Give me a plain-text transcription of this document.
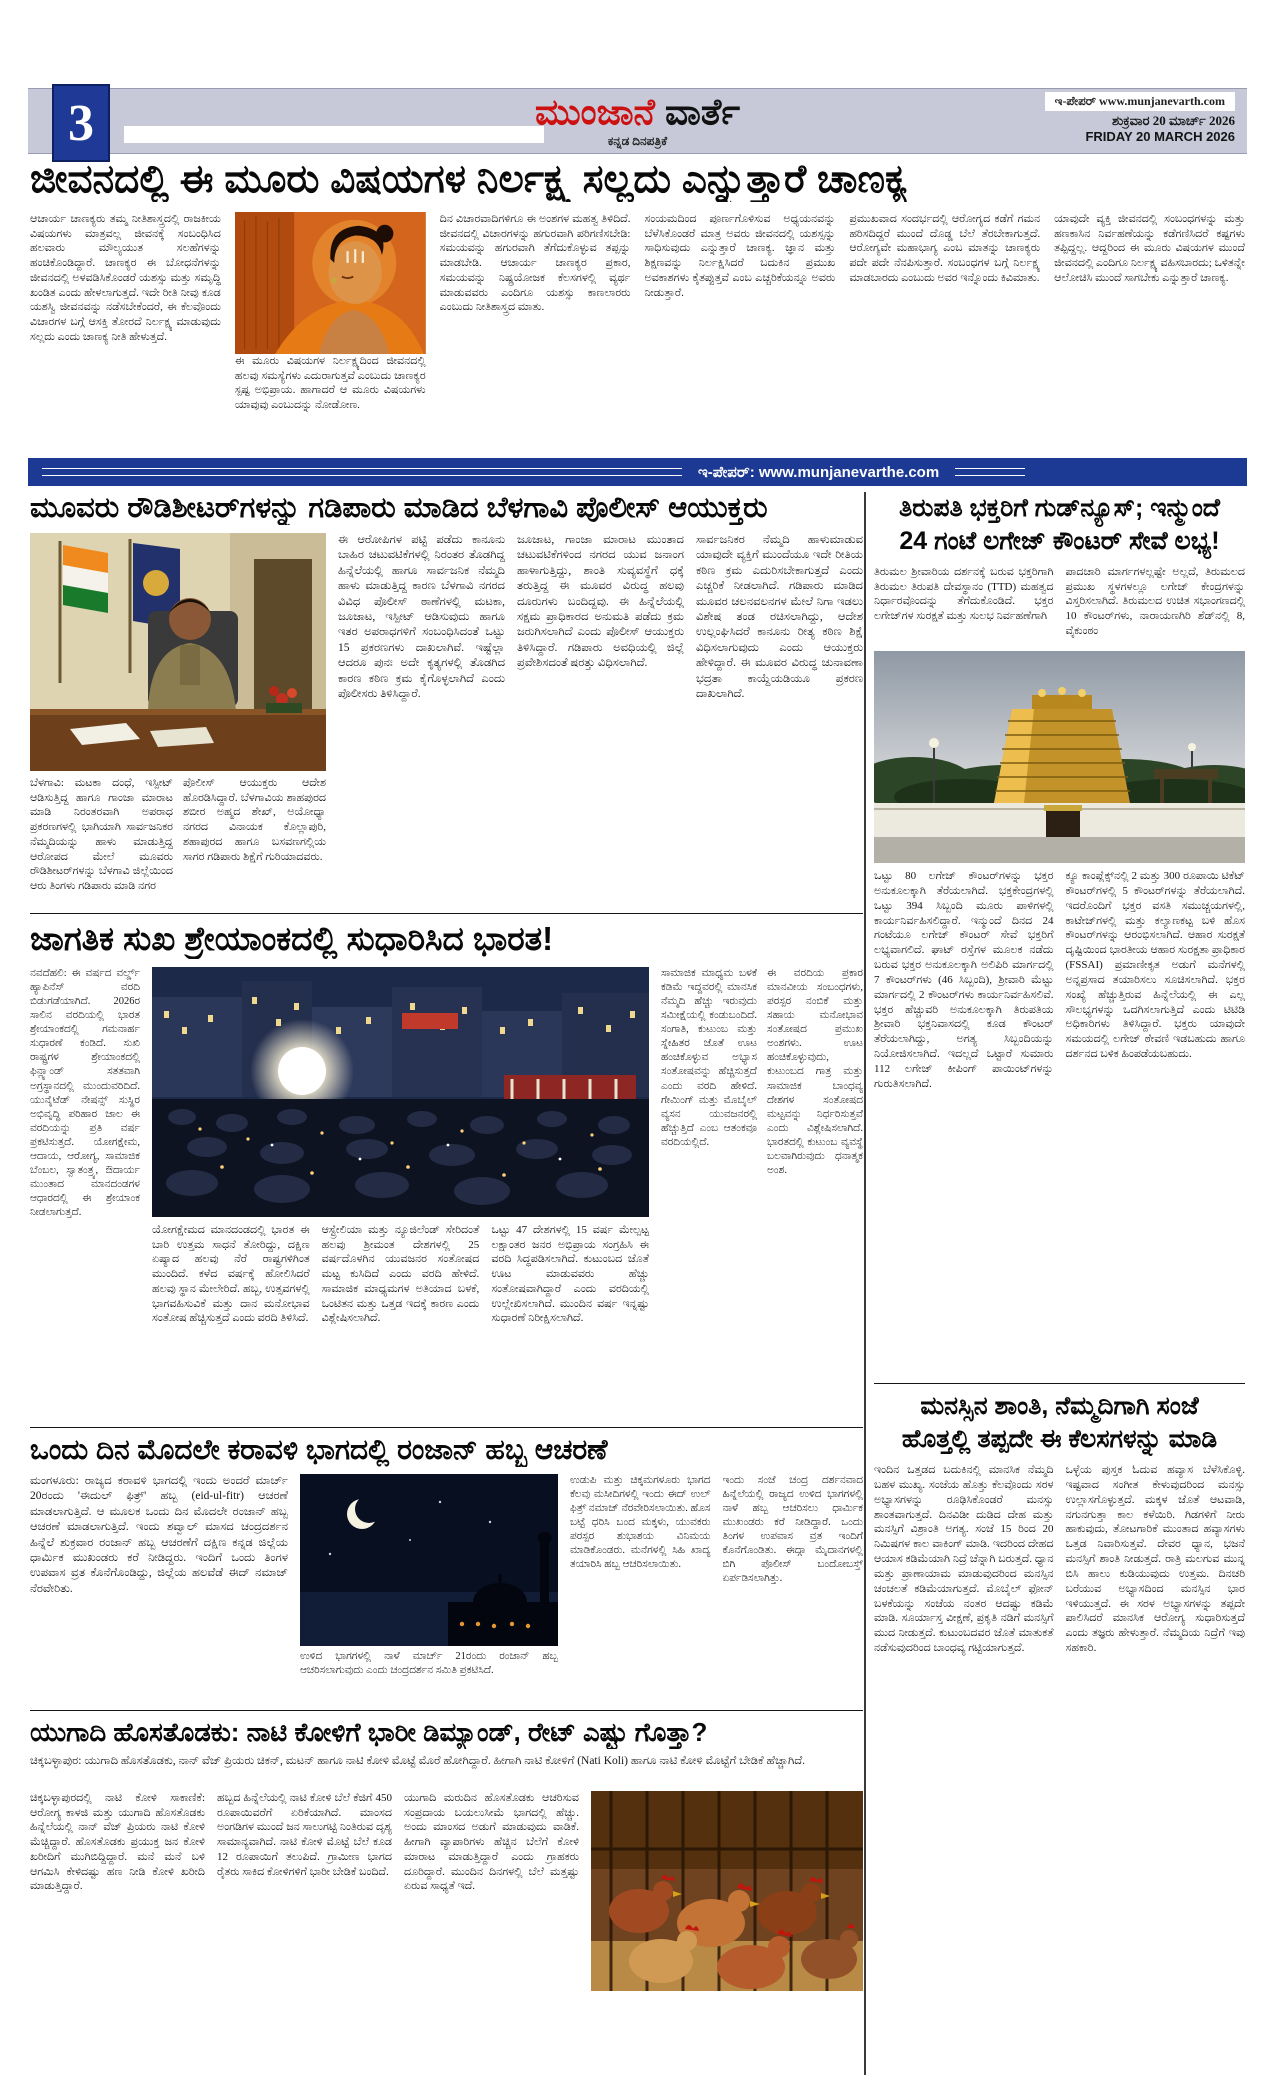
3	ಮುಂಜಾನೆ ವಾರ್ತೆ
ಕನ್ನಡ ದಿನಪತ್ರಿಕೆ
ಇ-ಪೇಪರ್ www.munjanevarth.com
ಶುಕ್ರವಾರ 20 ಮಾರ್ಚ್ 2026
FRIDAY 20 MARCH 2026
ಜೀವನದಲ್ಲಿ ಈ ಮೂರು ವಿಷಯಗಳ ನಿರ್ಲಕ್ಷ್ಯ ಸಲ್ಲದು ಎನ್ನುತ್ತಾರೆ ಚಾಣಕ್ಯ
ಆಚಾರ್ಯ ಚಾಣಕ್ಯರು ತಮ್ಮ ನೀತಿಶಾಸ್ತ್ರದಲ್ಲಿ ರಾಜಕೀಯ ವಿಷಯಗಳು ಮಾತ್ರವಲ್ಲ ಜೀವನಕ್ಕೆ ಸಂಬಂಧಿಸಿದ ಹಲವಾರು ಮೌಲ್ಯಯುತ ಸಲಹೆಗಳನ್ನು ಹಂಚಿಕೊಂಡಿದ್ದಾರೆ. ಚಾಣಕ್ಯರ ಈ ಬೋಧನೆಗಳನ್ನು ಜೀವನದಲ್ಲಿ ಅಳವಡಿಸಿಕೊಂಡರೆ ಯಶಸ್ಸು ಮತ್ತು ಸಮೃದ್ಧಿ ಖಂಡಿತ ಎಂದು ಹೇಳಲಾಗುತ್ತದೆ. ಇದೇ ರೀತಿ ನೀವು ಕೂಡ ಯಶಸ್ವಿ ಜೀವನವನ್ನು ನಡೆಸಬೇಕೆಂದರೆ, ಈ ಕೆಲವೊಂದು ವಿಚಾರಗಳ ಬಗ್ಗೆ ಆಸಕ್ತಿ ತೋರದೆ ನಿರ್ಲಕ್ಷ್ಯ ಮಾಡುವುದು ಸಲ್ಲದು ಎಂದು ಚಾಣಕ್ಯ ನೀತಿ ಹೇಳುತ್ತದೆ.
ಈ ಮೂರು ವಿಷಯಗಳ ನಿರ್ಲಕ್ಷ್ಯದಿಂದ ಜೀವನದಲ್ಲಿ ಹಲವು ಸಮಸ್ಯೆಗಳು ಎದುರಾಗುತ್ತವೆ ಎಂಬುದು ಚಾಣಕ್ಯರ ಸ್ಪಷ್ಟ ಅಭಿಪ್ರಾಯ. ಹಾಗಾದರೆ ಆ ಮೂರು ವಿಷಯಗಳು ಯಾವುವು ಎಂಬುದನ್ನು ನೋಡೋಣ.
ದಿನ ವಿಚಾರವಾದಿಗಳಿಗೂ ಈ ಅಂಶಗಳ ಮಹತ್ವ ತಿಳಿದಿದೆ. ಜೀವನದಲ್ಲಿ ವಿಚಾರಗಳನ್ನು ಹಗುರವಾಗಿ ಪರಿಗಣಿಸಬೇಡಿ: ಸಮಯವನ್ನು ಹಗುರವಾಗಿ ತೆಗೆದುಕೊಳ್ಳುವ ತಪ್ಪನ್ನು ಮಾಡಬೇಡಿ. ಆಚಾರ್ಯ ಚಾಣಕ್ಯರ ಪ್ರಕಾರ, ಸಮಯವನ್ನು ನಿಷ್ಪ್ರಯೋಜಕ ಕೆಲಸಗಳಲ್ಲಿ ವ್ಯರ್ಥ ಮಾಡುವವರು ಎಂದಿಗೂ ಯಶಸ್ಸು ಕಾಣಲಾರರು ಎಂಬುದು ನೀತಿಶಾಸ್ತ್ರದ ಮಾತು.
ಸಂಯಮದಿಂದ ಪೂರ್ಣಗೊಳಿಸುವ ಅಧ್ಯಯನವನ್ನು ಬೆಳೆಸಿಕೊಂಡರೆ ಮಾತ್ರ ಅವರು ಜೀವನದಲ್ಲಿ ಯಶಸ್ಸನ್ನು ಸಾಧಿಸುವುದು ಎನ್ನುತ್ತಾರೆ ಚಾಣಕ್ಯ. ಜ್ಞಾನ ಮತ್ತು ಶಿಕ್ಷಣವನ್ನು ನಿರ್ಲಕ್ಷಿಸಿದರೆ ಬದುಕಿನ ಪ್ರಮುಖ ಅವಕಾಶಗಳು ಕೈತಪ್ಪುತ್ತವೆ ಎಂಬ ಎಚ್ಚರಿಕೆಯನ್ನೂ ಅವರು ನೀಡುತ್ತಾರೆ.
ಪ್ರಮುಖವಾದ ಸಂದರ್ಭದಲ್ಲಿ ಆರೋಗ್ಯದ ಕಡೆಗೆ ಗಮನ ಹರಿಸದಿದ್ದರೆ ಮುಂದೆ ದೊಡ್ಡ ಬೆಲೆ ತೆರಬೇಕಾಗುತ್ತದೆ. ಆರೋಗ್ಯವೇ ಮಹಾಭಾಗ್ಯ ಎಂಬ ಮಾತನ್ನು ಚಾಣಕ್ಯರು ಪದೇ ಪದೇ ನೆನಪಿಸುತ್ತಾರೆ. ಸಂಬಂಧಗಳ ಬಗ್ಗೆ ನಿರ್ಲಕ್ಷ್ಯ ಮಾಡಬಾರದು ಎಂಬುದು ಅವರ ಇನ್ನೊಂದು ಕಿವಿಮಾತು.
ಯಾವುದೇ ವ್ಯಕ್ತಿ ಜೀವನದಲ್ಲಿ ಸಂಬಂಧಗಳನ್ನು ಮತ್ತು ಹಣಕಾಸಿನ ನಿರ್ವಹಣೆಯನ್ನು ಕಡೆಗಣಿಸಿದರೆ ಕಷ್ಟಗಳು ತಪ್ಪಿದ್ದಲ್ಲ. ಆದ್ದರಿಂದ ಈ ಮೂರು ವಿಷಯಗಳ ಮುಂದೆ ಜೀವನದಲ್ಲಿ ಎಂದಿಗೂ ನಿರ್ಲಕ್ಷ್ಯ ವಹಿಸಬಾರದು; ಒಳಿತನ್ನೇ ಆಲೋಚಿಸಿ ಮುಂದೆ ಸಾಗಬೇಕು ಎನ್ನುತ್ತಾರೆ ಚಾಣಕ್ಯ.
ಇ-ಪೇಪರ್: www.munjanevarthe.com
ಮೂವರು ರೌಡಿಶೀಟರ್‌ಗಳನ್ನು ಗಡಿಪಾರು ಮಾಡಿದ ಬೆಳಗಾವಿ ಪೊಲೀಸ್ ಆಯುಕ್ತರು
ಬೆಳಗಾವಿ: ಮಟಕಾ ದಂಧೆ, ಇಸ್ಪೀಟ್ ಆಡಿಸುತ್ತಿದ್ದ ಹಾಗೂ ಗಾಂಜಾ ಮಾರಾಟ ಮಾಡಿ ನಿರಂತರವಾಗಿ ಅಪರಾಧ ಪ್ರಕರಣಗಳಲ್ಲಿ ಭಾಗಿಯಾಗಿ ಸಾರ್ವಜನಿಕರ ನೆಮ್ಮದಿಯನ್ನು ಹಾಳು ಮಾಡುತ್ತಿದ್ದ ಆರೋಪದ ಮೇಲೆ ಮೂವರು ರೌಡಿಶೀಟರ್‌ಗಳನ್ನು ಬೆಳಗಾವಿ ಜಿಲ್ಲೆಯಿಂದ ಆರು ತಿಂಗಳು ಗಡಿಪಾರು ಮಾಡಿ ನಗರ
ಪೊಲೀಸ್ ಆಯುಕ್ತರು ಆದೇಶ ಹೊರಡಿಸಿದ್ದಾರೆ. ಬೆಳಗಾವಿಯ ಶಾಹಪುರದ ಶಬೀರ ಅಹ್ಮದ ಶೇಖ್, ಅಯೋಧ್ಯಾ ನಗರದ ವಿನಾಯಕ ಕೊಲ್ಲಾಪುರಿ, ಶಹಾಪುರದ ಹಾಗೂ ಬಸವಣಗಲ್ಲಿಯ ಸಾಗರ ಗಡಿಪಾರು ಶಿಕ್ಷೆಗೆ ಗುರಿಯಾದವರು.
ಈ ಆರೋಪಿಗಳ ಪಟ್ಟಿ ಪಡೆದು ಕಾನೂನು ಬಾಹಿರ ಚಟುವಟಿಕೆಗಳಲ್ಲಿ ನಿರಂತರ ತೊಡಗಿದ್ದ ಹಿನ್ನೆಲೆಯಲ್ಲಿ ಹಾಗೂ ಸಾರ್ವಜನಿಕ ನೆಮ್ಮದಿ ಹಾಳು ಮಾಡುತ್ತಿದ್ದ ಕಾರಣ ಬೆಳಗಾವಿ ನಗರದ ವಿವಿಧ ಪೊಲೀಸ್ ಠಾಣೆಗಳಲ್ಲಿ ಮಟಕಾ, ಜೂಜಾಟ, ಇಸ್ಪೀಟ್ ಆಡಿಸುವುದು ಹಾಗೂ ಇತರ ಅಪರಾಧಗಳಿಗೆ ಸಂಬಂಧಿಸಿದಂತೆ ಒಟ್ಟು 15 ಪ್ರಕರಣಗಳು ದಾಖಲಾಗಿವೆ. ಇಷ್ಟೆಲ್ಲಾ ಆದರೂ ಪುನಃ ಅದೇ ಕೃತ್ಯಗಳಲ್ಲಿ ತೊಡಗಿದ ಕಾರಣ ಕಠಿಣ ಕ್ರಮ ಕೈಗೊಳ್ಳಲಾಗಿದೆ ಎಂದು ಪೊಲೀಸರು ತಿಳಿಸಿದ್ದಾರೆ.
ಜೂಜಾಟ, ಗಾಂಜಾ ಮಾರಾಟ ಮುಂತಾದ ಚಟುವಟಿಕೆಗಳಿಂದ ನಗರದ ಯುವ ಜನಾಂಗ ಹಾಳಾಗುತ್ತಿದ್ದು, ಶಾಂತಿ ಸುವ್ಯವಸ್ಥೆಗೆ ಧಕ್ಕೆ ತರುತ್ತಿದ್ದ ಈ ಮೂವರ ವಿರುದ್ಧ ಹಲವು ದೂರುಗಳು ಬಂದಿದ್ದವು. ಈ ಹಿನ್ನೆಲೆಯಲ್ಲಿ ಸಕ್ಷಮ ಪ್ರಾಧಿಕಾರದ ಅನುಮತಿ ಪಡೆದು ಕ್ರಮ ಜರುಗಿಸಲಾಗಿದೆ ಎಂದು ಪೊಲೀಸ್ ಆಯುಕ್ತರು ತಿಳಿಸಿದ್ದಾರೆ. ಗಡಿಪಾರು ಅವಧಿಯಲ್ಲಿ ಜಿಲ್ಲೆ ಪ್ರವೇಶಿಸದಂತೆ ಷರತ್ತು ವಿಧಿಸಲಾಗಿದೆ.
ಸಾರ್ವಜನಿಕರ ನೆಮ್ಮದಿ ಹಾಳುಮಾಡುವ ಯಾವುದೇ ವ್ಯಕ್ತಿಗೆ ಮುಂದೆಯೂ ಇದೇ ರೀತಿಯ ಕಠಿಣ ಕ್ರಮ ಎದುರಿಸಬೇಕಾಗುತ್ತದೆ ಎಂದು ಎಚ್ಚರಿಕೆ ನೀಡಲಾಗಿದೆ. ಗಡಿಪಾರು ಮಾಡಿದ ಮೂವರ ಚಲನವಲನಗಳ ಮೇಲೆ ನಿಗಾ ಇಡಲು ವಿಶೇಷ ತಂಡ ರಚಿಸಲಾಗಿದ್ದು, ಆದೇಶ ಉಲ್ಲಂಘಿಸಿದರೆ ಕಾನೂನು ರೀತ್ಯ ಕಠಿಣ ಶಿಕ್ಷೆ ವಿಧಿಸಲಾಗುವುದು ಎಂದು ಆಯುಕ್ತರು ಹೇಳಿದ್ದಾರೆ. ಈ ಮೂವರ ವಿರುದ್ಧ ಚುನಾವಣಾ ಭದ್ರತಾ ಕಾಯ್ದೆಯಡಿಯೂ ಪ್ರಕರಣ ದಾಖಲಾಗಿದೆ.
ಜಾಗತಿಕ ಸುಖ ಶ್ರೇಯಾಂಕದಲ್ಲಿ ಸುಧಾರಿಸಿದ ಭಾರತ!
ನವದೆಹಲಿ: ಈ ವರ್ಷದ ವರ್ಲ್ಡ್ ಹ್ಯಾಪಿನೆಸ್ ವರದಿ ಬಿಡುಗಡೆಯಾಗಿದೆ. 2026ರ ಸಾಲಿನ ವರದಿಯಲ್ಲಿ ಭಾರತ ಶ್ರೇಯಾಂಕದಲ್ಲಿ ಗಮನಾರ್ಹ ಸುಧಾರಣೆ ಕಂಡಿದೆ. ಸುಖಿ ರಾಷ್ಟ್ರಗಳ ಶ್ರೇಯಾಂಕದಲ್ಲಿ ಫಿನ್ಲ್ಯಾಂಡ್ ಸತತವಾಗಿ ಅಗ್ರಸ್ಥಾನದಲ್ಲಿ ಮುಂದುವರಿದಿದೆ. ಯುನೈಟೆಡ್ ನೇಷನ್ಸ್ ಸುಸ್ಥಿರ ಅಭಿವೃದ್ಧಿ ಪರಿಹಾರ ಜಾಲ ಈ ವರದಿಯನ್ನು ಪ್ರತಿ ವರ್ಷ ಪ್ರಕಟಿಸುತ್ತದೆ. ಯೋಗಕ್ಷೇಮ, ಆದಾಯ, ಆರೋಗ್ಯ, ಸಾಮಾಜಿಕ ಬೆಂಬಲ, ಸ್ವಾತಂತ್ರ್ಯ, ಔದಾರ್ಯ ಮುಂತಾದ ಮಾನದಂಡಗಳ ಆಧಾರದಲ್ಲಿ ಈ ಶ್ರೇಯಾಂಕ ನೀಡಲಾಗುತ್ತದೆ.
ಯೋಗಕ್ಷೇಮದ ಮಾನದಂಡದಲ್ಲಿ ಭಾರತ ಈ ಬಾರಿ ಉತ್ತಮ ಸಾಧನೆ ತೋರಿದ್ದು, ದಕ್ಷಿಣ ಏಷ್ಯಾದ ಹಲವು ನೆರೆ ರಾಷ್ಟ್ರಗಳಿಗಿಂತ ಮುಂದಿದೆ. ಕಳೆದ ವರ್ಷಕ್ಕೆ ಹೋಲಿಸಿದರೆ ಹಲವು ಸ್ಥಾನ ಮೇಲೇರಿದೆ. ಹಬ್ಬ, ಉತ್ಸವಗಳಲ್ಲಿ ಭಾಗವಹಿಸುವಿಕೆ ಮತ್ತು ದಾನ ಮನೋಭಾವ ಸಂತೋಷ ಹೆಚ್ಚಿಸುತ್ತದೆ ಎಂದು ವರದಿ ತಿಳಿಸಿದೆ.
ಆಸ್ಟ್ರೇಲಿಯಾ ಮತ್ತು ನ್ಯೂಜಿಲೆಂಡ್ ಸೇರಿದಂತೆ ಹಲವು ಶ್ರೀಮಂತ ದೇಶಗಳಲ್ಲಿ 25 ವರ್ಷದೊಳಗಿನ ಯುವಜನರ ಸಂತೋಷದ ಮಟ್ಟ ಕುಸಿದಿದೆ ಎಂದು ವರದಿ ಹೇಳಿದೆ. ಸಾಮಾಜಿಕ ಮಾಧ್ಯಮಗಳ ಅತಿಯಾದ ಬಳಕೆ, ಒಂಟಿತನ ಮತ್ತು ಒತ್ತಡ ಇದಕ್ಕೆ ಕಾರಣ ಎಂದು ವಿಶ್ಲೇಷಿಸಲಾಗಿದೆ.
ಒಟ್ಟು 47 ದೇಶಗಳಲ್ಲಿ 15 ವರ್ಷ ಮೇಲ್ಪಟ್ಟ ಲಕ್ಷಾಂತರ ಜನರ ಅಭಿಪ್ರಾಯ ಸಂಗ್ರಹಿಸಿ ಈ ವರದಿ ಸಿದ್ಧಪಡಿಸಲಾಗಿದೆ. ಕುಟುಂಬದ ಜೊತೆ ಊಟ ಮಾಡುವವರು ಹೆಚ್ಚು ಸಂತೋಷವಾಗಿದ್ದಾರೆ ಎಂದು ವರದಿಯಲ್ಲಿ ಉಲ್ಲೇಖಿಸಲಾಗಿದೆ. ಮುಂದಿನ ವರ್ಷ ಇನ್ನಷ್ಟು ಸುಧಾರಣೆ ನಿರೀಕ್ಷಿಸಲಾಗಿದೆ.
ಸಾಮಾಜಿಕ ಮಾಧ್ಯಮ ಬಳಕೆ ಕಡಿಮೆ ಇದ್ದವರಲ್ಲಿ ಮಾನಸಿಕ ನೆಮ್ಮದಿ ಹೆಚ್ಚು ಇರುವುದು ಸಮೀಕ್ಷೆಯಲ್ಲಿ ಕಂಡುಬಂದಿದೆ. ಸಂಗಾತಿ, ಕುಟುಂಬ ಮತ್ತು ಸ್ನೇಹಿತರ ಜೊತೆ ಊಟ ಹಂಚಿಕೊಳ್ಳುವ ಅಭ್ಯಾಸ ಸಂತೋಷವನ್ನು ಹೆಚ್ಚಿಸುತ್ತದೆ ಎಂದು ವರದಿ ಹೇಳಿದೆ. ಗೇಮಿಂಗ್ ಮತ್ತು ಮೊಬೈಲ್ ವ್ಯಸನ ಯುವಜನರಲ್ಲಿ ಹೆಚ್ಚುತ್ತಿದೆ ಎಂಬ ಆತಂಕವೂ ವರದಿಯಲ್ಲಿದೆ.
ಈ ವರದಿಯ ಪ್ರಕಾರ ಮಾನವೀಯ ಸಂಬಂಧಗಳು, ಪರಸ್ಪರ ನಂಬಿಕೆ ಮತ್ತು ಸಹಾಯ ಮನೋಭಾವ ಸಂತೋಷದ ಪ್ರಮುಖ ಅಂಶಗಳು. ಊಟ ಹಂಚಿಕೊಳ್ಳುವುದು, ಕುಟುಂಬದ ಗಾತ್ರ ಮತ್ತು ಸಾಮಾಜಿಕ ಬಾಂಧವ್ಯ ದೇಶಗಳ ಸಂತೋಷದ ಮಟ್ಟವನ್ನು ನಿರ್ಧರಿಸುತ್ತವೆ ಎಂದು ವಿಶ್ಲೇಷಿಸಲಾಗಿದೆ. ಭಾರತದಲ್ಲಿ ಕುಟುಂಬ ವ್ಯವಸ್ಥೆ ಬಲವಾಗಿರುವುದು ಧನಾತ್ಮಕ ಅಂಶ.
ಒಂದು ದಿನ ಮೊದಲೇ ಕರಾವಳಿ ಭಾಗದಲ್ಲಿ ರಂಜಾನ್ ಹಬ್ಬ ಆಚರಣೆ
ಮಂಗಳೂರು: ರಾಜ್ಯದ ಕರಾವಳಿ ಭಾಗದಲ್ಲಿ ಇಂದು ಅಂದರೆ ಮಾರ್ಚ್ 20ರಂದು 'ಈದುಲ್ ಫಿತ್ರ್' ಹಬ್ಬ (eid-ul-fitr) ಆಚರಣೆ ಮಾಡಲಾಗುತ್ತಿದೆ. ಆ ಮೂಲಕ ಒಂದು ದಿನ ಮೊದಲೇ ರಂಜಾನ್ ಹಬ್ಬ ಆಚರಣೆ ಮಾಡಲಾಗುತ್ತಿದೆ. ಇಂದು ಶವ್ವಾಲ್ ಮಾಸದ ಚಂದ್ರದರ್ಶನ ಹಿನ್ನೆಲೆ ಶುಕ್ರವಾರ ರಂಜಾನ್ ಹಬ್ಬ ಆಚರಣೆಗೆ ದಕ್ಷಿಣ ಕನ್ನಡ ಜಿಲ್ಲೆಯ ಧಾರ್ಮಿಕ ಮುಖಂಡರು ಕರೆ ನೀಡಿದ್ದರು. ಇಂದಿಗೆ ಒಂದು ತಿಂಗಳ ಉಪವಾಸ ವ್ರತ ಕೊನೆಗೊಂಡಿದ್ದು, ಜಿಲ್ಲೆಯ ಹಲವೆಡೆ ಈದ್ ನಮಾಜ್ ನೆರವೇರಿತು.
ಉಳಿದ ಭಾಗಗಳಲ್ಲಿ ನಾಳೆ ಮಾರ್ಚ್ 21ರಂದು ರಂಜಾನ್ ಹಬ್ಬ ಆಚರಿಸಲಾಗುವುದು ಎಂದು ಚಂದ್ರದರ್ಶನ ಸಮಿತಿ ಪ್ರಕಟಿಸಿದೆ.
ಉಡುಪಿ ಮತ್ತು ಚಿಕ್ಕಮಗಳೂರು ಭಾಗದ ಕೆಲವು ಮಸೀದಿಗಳಲ್ಲಿ ಇಂದು ಈದ್ ಉಲ್ ಫಿತ್ರ್ ನಮಾಜ್ ನೆರವೇರಿಸಲಾಯಿತು. ಹೊಸ ಬಟ್ಟೆ ಧರಿಸಿ ಬಂದ ಮಕ್ಕಳು, ಯುವಕರು ಪರಸ್ಪರ ಶುಭಾಶಯ ವಿನಿಮಯ ಮಾಡಿಕೊಂಡರು. ಮನೆಗಳಲ್ಲಿ ಸಿಹಿ ಖಾದ್ಯ ತಯಾರಿಸಿ ಹಬ್ಬ ಆಚರಿಸಲಾಯಿತು.
ಇಂದು ಸಂಜೆ ಚಂದ್ರ ದರ್ಶನವಾದ ಹಿನ್ನೆಲೆಯಲ್ಲಿ ರಾಜ್ಯದ ಉಳಿದ ಭಾಗಗಳಲ್ಲಿ ನಾಳೆ ಹಬ್ಬ ಆಚರಿಸಲು ಧಾರ್ಮಿಕ ಮುಖಂಡರು ಕರೆ ನೀಡಿದ್ದಾರೆ. ಒಂದು ತಿಂಗಳ ಉಪವಾಸ ವ್ರತ ಇಂದಿಗೆ ಕೊನೆಗೊಂಡಿತು. ಈದ್ಗಾ ಮೈದಾನಗಳಲ್ಲಿ ಬಿಗಿ ಪೊಲೀಸ್ ಬಂದೋಬಸ್ತ್ ಏರ್ಪಡಿಸಲಾಗಿತ್ತು.
ಯುಗಾದಿ ಹೊಸತೊಡಕು: ನಾಟಿ ಕೋಳಿಗೆ ಭಾರೀ ಡಿಮ್ಯಾಂಡ್, ರೇಟ್ ಎಷ್ಟು ಗೊತ್ತಾ?
ಚಿಕ್ಕಬಳ್ಳಾಪುರ: ಯುಗಾದಿ ಹೊಸತೊಡಕು, ನಾನ್ ವೆಜ್ ಪ್ರಿಯರು ಚಿಕನ್, ಮಟನ್ ಹಾಗೂ ನಾಟಿ ಕೋಳಿ ಮೊಟ್ಟೆ ಮೊರೆ ಹೋಗಿದ್ದಾರೆ. ಹೀಗಾಗಿ ನಾಟಿ ಕೋಳಿಗೆ (Nati Koli) ಹಾಗೂ ನಾಟಿ ಕೋಳಿ ಮೊಟ್ಟೆಗೆ ಬೇಡಿಕೆ ಹೆಚ್ಚಾಗಿದೆ.
ಚಿಕ್ಕಬಳ್ಳಾಪುರದಲ್ಲಿ ನಾಟಿ ಕೋಳಿ ಸಾಕಾಣಿಕೆ: ಆರೋಗ್ಯ ಕಾಳಜಿ ಮತ್ತು ಯುಗಾದಿ ಹೊಸತೊಡಕು ಹಿನ್ನೆಲೆಯಲ್ಲಿ ನಾನ್ ವೆಜ್ ಪ್ರಿಯರು ನಾಟಿ ಕೋಳಿ ಮೆಚ್ಚಿದ್ದಾರೆ. ಹೊಸತೊಡಕು ಪ್ರಯುಕ್ತ ಜನ ಕೋಳಿ ಖರೀದಿಗೆ ಮುಗಿಬಿದ್ದಿದ್ದಾರೆ. ಮನೆ ಮನೆ ಬಳಿ ಆಗಮಿಸಿ ಕೇಳಿದಷ್ಟು ಹಣ ನೀಡಿ ಕೋಳಿ ಖರೀದಿ ಮಾಡುತ್ತಿದ್ದಾರೆ.
ಹಬ್ಬದ ಹಿನ್ನೆಲೆಯಲ್ಲಿ ನಾಟಿ ಕೋಳಿ ಬೆಲೆ ಕೆಜಿಗೆ 450 ರೂಪಾಯಿವರೆಗೆ ಏರಿಕೆಯಾಗಿದೆ. ಮಾಂಸದ ಅಂಗಡಿಗಳ ಮುಂದೆ ಜನ ಸಾಲುಗಟ್ಟಿ ನಿಂತಿರುವ ದೃಶ್ಯ ಸಾಮಾನ್ಯವಾಗಿದೆ. ನಾಟಿ ಕೋಳಿ ಮೊಟ್ಟೆ ಬೆಲೆ ಕೂಡ 12 ರೂಪಾಯಿಗೆ ತಲುಪಿದೆ. ಗ್ರಾಮೀಣ ಭಾಗದ ರೈತರು ಸಾಕಿದ ಕೋಳಿಗಳಿಗೆ ಭಾರೀ ಬೇಡಿಕೆ ಬಂದಿದೆ.
ಯುಗಾದಿ ಮರುದಿನ ಹೊಸತೊಡಕು ಆಚರಿಸುವ ಸಂಪ್ರದಾಯ ಬಯಲುಸೀಮೆ ಭಾಗದಲ್ಲಿ ಹೆಚ್ಚು. ಅಂದು ಮಾಂಸದ ಅಡುಗೆ ಮಾಡುವುದು ವಾಡಿಕೆ. ಹೀಗಾಗಿ ವ್ಯಾಪಾರಿಗಳು ಹೆಚ್ಚಿನ ಬೆಲೆಗೆ ಕೋಳಿ ಮಾರಾಟ ಮಾಡುತ್ತಿದ್ದಾರೆ ಎಂದು ಗ್ರಾಹಕರು ದೂರಿದ್ದಾರೆ. ಮುಂದಿನ ದಿನಗಳಲ್ಲಿ ಬೆಲೆ ಮತ್ತಷ್ಟು ಏರುವ ಸಾಧ್ಯತೆ ಇದೆ.
ತಿರುಪತಿ ಭಕ್ತರಿಗೆ ಗುಡ್‌ನ್ಯೂಸ್; ಇನ್ಮುಂದೆ
24 ಗಂಟೆ ಲಗೇಜ್ ಕೌಂಟರ್ ಸೇವೆ ಲಭ್ಯ!
ತಿರುಮಲ ಶ್ರೀವಾರಿಯ ದರ್ಶನಕ್ಕೆ ಬರುವ ಭಕ್ತರಿಗಾಗಿ ತಿರುಮಲ ತಿರುಪತಿ ದೇವಸ್ಥಾನಂ (TTD) ಮಹತ್ವದ ನಿರ್ಧಾರವೊಂದನ್ನು ತೆಗೆದುಕೊಂಡಿದೆ. ಭಕ್ತರ ಲಗೇಜ್‌ಗಳ ಸುರಕ್ಷತೆ ಮತ್ತು ಸುಲಭ ನಿರ್ವಹಣೆಗಾಗಿ
ಪಾದಚಾರಿ ಮಾರ್ಗಗಳಲ್ಲಷ್ಟೇ ಅಲ್ಲದೆ, ತಿರುಮಲದ ಪ್ರಮುಖ ಸ್ಥಳಗಳಲ್ಲೂ ಲಗೇಜ್ ಕೇಂದ್ರಗಳನ್ನು ವಿಸ್ತರಿಸಲಾಗಿದೆ. ತಿರುಮಲದ ಉಚಿತ ಸಭಾಂಗಣದಲ್ಲಿ 10 ಕೌಂಟರ್‌ಗಳು, ನಾರಾಯಣಗಿರಿ ಶೆಡ್‌ನಲ್ಲಿ 8, ವೈಕುಂಠಂ
ಒಟ್ಟು 80 ಲಗೇಜ್ ಕೌಂಟರ್‌ಗಳನ್ನು ಭಕ್ತರ ಅನುಕೂಲಕ್ಕಾಗಿ ತೆರೆಯಲಾಗಿದೆ. ಭಕ್ತಕೇಂದ್ರಗಳಲ್ಲಿ ಒಟ್ಟು 394 ಸಿಬ್ಬಂದಿ ಮೂರು ಪಾಳಿಗಳಲ್ಲಿ ಕಾರ್ಯನಿರ್ವಹಿಸಲಿದ್ದಾರೆ. ಇನ್ಮುಂದೆ ದಿನದ 24 ಗಂಟೆಯೂ ಲಗೇಜ್ ಕೌಂಟರ್ ಸೇವೆ ಭಕ್ತರಿಗೆ ಲಭ್ಯವಾಗಲಿದೆ. ಘಾಟ್ ರಸ್ತೆಗಳ ಮೂಲಕ ನಡೆದು ಬರುವ ಭಕ್ತರ ಅನುಕೂಲಕ್ಕಾಗಿ ಅಲಿಪಿರಿ ಮಾರ್ಗದಲ್ಲಿ 7 ಕೌಂಟರ್‌ಗಳು (46 ಸಿಬ್ಬಂದಿ), ಶ್ರೀವಾರಿ ಮೆಟ್ಟು ಮಾರ್ಗದಲ್ಲಿ 2 ಕೌಂಟರ್‌ಗಳು ಕಾರ್ಯನಿರ್ವಹಿಸಲಿವೆ. ಭಕ್ತರ ಹೆಚ್ಚುವರಿ ಅನುಕೂಲಕ್ಕಾಗಿ ತಿರುಪತಿಯ ಶ್ರೀವಾರಿ ಭಕ್ತನಿವಾಸದಲ್ಲಿ ಕೂಡ ಕೌಂಟರ್ ತೆರೆಯಲಾಗಿದ್ದು, ಅಗತ್ಯ ಸಿಬ್ಬಂದಿಯನ್ನು ನಿಯೋಜಿಸಲಾಗಿದೆ. ಇದಲ್ಲದೆ ಒಟ್ಟಾರೆ ಸುಮಾರು 112 ಲಗೇಜ್ ಕೀಪಿಂಗ್ ಪಾಯಿಂಟ್‌ಗಳನ್ನು ಗುರುತಿಸಲಾಗಿದೆ.
ಕ್ಯೂ ಕಾಂಪ್ಲೆಕ್ಸ್‌ನಲ್ಲಿ 2 ಮತ್ತು 300 ರೂಪಾಯಿ ಟಿಕೆಟ್ ಕೌಂಟರ್‌ಗಳಲ್ಲಿ 5 ಕೌಂಟರ್‌ಗಳನ್ನು ತೆರೆಯಲಾಗಿದೆ. ಇದರೊಂದಿಗೆ ಭಕ್ತರ ವಸತಿ ಸಮುಚ್ಚಯಗಳಲ್ಲಿ, ಕಾಟೇಜ್‌ಗಳಲ್ಲಿ ಮತ್ತು ಕಲ್ಯಾಣಕಟ್ಟ ಬಳಿ ಹೊಸ ಕೌಂಟರ್‌ಗಳನ್ನು ಆರಂಭಿಸಲಾಗಿದೆ. ಆಹಾರ ಸುರಕ್ಷತೆ ದೃಷ್ಟಿಯಿಂದ ಭಾರತೀಯ ಆಹಾರ ಸುರಕ್ಷತಾ ಪ್ರಾಧಿಕಾರ (FSSAI) ಪ್ರಮಾಣೀಕೃತ ಅಡುಗೆ ಮನೆಗಳಲ್ಲಿ ಅನ್ನಪ್ರಸಾದ ತಯಾರಿಸಲು ಸೂಚಿಸಲಾಗಿದೆ. ಭಕ್ತರ ಸಂಖ್ಯೆ ಹೆಚ್ಚುತ್ತಿರುವ ಹಿನ್ನೆಲೆಯಲ್ಲಿ ಈ ಎಲ್ಲ ಸೌಲಭ್ಯಗಳನ್ನು ಒದಗಿಸಲಾಗುತ್ತಿದೆ ಎಂದು ಟಿಟಿಡಿ ಅಧಿಕಾರಿಗಳು ತಿಳಿಸಿದ್ದಾರೆ. ಭಕ್ತರು ಯಾವುದೇ ಸಮಯದಲ್ಲಿ ಲಗೇಜ್ ಠೇವಣಿ ಇಡಬಹುದು ಹಾಗೂ ದರ್ಶನದ ಬಳಿಕ ಹಿಂಪಡೆಯಬಹುದು.
ಮನಸ್ಸಿನ ಶಾಂತಿ, ನೆಮ್ಮದಿಗಾಗಿ ಸಂಜೆ
ಹೊತ್ತಲ್ಲಿ ತಪ್ಪದೇ ಈ ಕೆಲಸಗಳನ್ನು ಮಾಡಿ
ಇಂದಿನ ಒತ್ತಡದ ಬದುಕಿನಲ್ಲಿ ಮಾನಸಿಕ ನೆಮ್ಮದಿ ಬಹಳ ಮುಖ್ಯ. ಸಂಜೆಯ ಹೊತ್ತು ಕೆಲವೊಂದು ಸರಳ ಅಭ್ಯಾಸಗಳನ್ನು ರೂಢಿಸಿಕೊಂಡರೆ ಮನಸ್ಸು ಶಾಂತವಾಗುತ್ತದೆ. ದಿನವಿಡೀ ದುಡಿದ ದೇಹ ಮತ್ತು ಮನಸ್ಸಿಗೆ ವಿಶ್ರಾಂತಿ ಅಗತ್ಯ. ಸಂಜೆ 15 ರಿಂದ 20 ನಿಮಿಷಗಳ ಕಾಲ ವಾಕಿಂಗ್ ಮಾಡಿ. ಇದರಿಂದ ದೇಹದ ಆಯಾಸ ಕಡಿಮೆಯಾಗಿ ನಿದ್ರೆ ಚೆನ್ನಾಗಿ ಬರುತ್ತದೆ. ಧ್ಯಾನ ಮತ್ತು ಪ್ರಾಣಾಯಾಮ ಮಾಡುವುದರಿಂದ ಮನಸ್ಸಿನ ಚಂಚಲತೆ ಕಡಿಮೆಯಾಗುತ್ತದೆ. ಮೊಬೈಲ್ ಫೋನ್ ಬಳಕೆಯನ್ನು ಸಂಜೆಯ ನಂತರ ಆದಷ್ಟು ಕಡಿಮೆ ಮಾಡಿ. ಸೂರ್ಯಾಸ್ತ ವೀಕ್ಷಣೆ, ಪ್ರಕೃತಿ ನಡಿಗೆ ಮನಸ್ಸಿಗೆ ಮುದ ನೀಡುತ್ತದೆ. ಕುಟುಂಬದವರ ಜೊತೆ ಮಾತುಕತೆ ನಡೆಸುವುದರಿಂದ ಬಾಂಧವ್ಯ ಗಟ್ಟಿಯಾಗುತ್ತದೆ.
ಒಳ್ಳೆಯ ಪುಸ್ತಕ ಓದುವ ಹವ್ಯಾಸ ಬೆಳೆಸಿಕೊಳ್ಳಿ. ಇಷ್ಟವಾದ ಸಂಗೀತ ಕೇಳುವುದರಿಂದ ಮನಸ್ಸು ಉಲ್ಲಾಸಗೊಳ್ಳುತ್ತದೆ. ಮಕ್ಕಳ ಜೊತೆ ಆಟವಾಡಿ, ನಗುನಗುತ್ತಾ ಕಾಲ ಕಳೆಯಿರಿ. ಗಿಡಗಳಿಗೆ ನೀರು ಹಾಕುವುದು, ತೋಟಗಾರಿಕೆ ಮುಂತಾದ ಹವ್ಯಾಸಗಳು ಒತ್ತಡ ನಿವಾರಿಸುತ್ತವೆ. ದೇವರ ಧ್ಯಾನ, ಭಜನೆ ಮನಸ್ಸಿಗೆ ಶಾಂತಿ ನೀಡುತ್ತದೆ. ರಾತ್ರಿ ಮಲಗುವ ಮುನ್ನ ಬಿಸಿ ಹಾಲು ಕುಡಿಯುವುದು ಉತ್ತಮ. ದಿನಚರಿ ಬರೆಯುವ ಅಭ್ಯಾಸದಿಂದ ಮನಸ್ಸಿನ ಭಾರ ಇಳಿಯುತ್ತದೆ. ಈ ಸರಳ ಅಭ್ಯಾಸಗಳನ್ನು ತಪ್ಪದೇ ಪಾಲಿಸಿದರೆ ಮಾನಸಿಕ ಆರೋಗ್ಯ ಸುಧಾರಿಸುತ್ತದೆ ಎಂದು ತಜ್ಞರು ಹೇಳುತ್ತಾರೆ. ನೆಮ್ಮದಿಯ ನಿದ್ರೆಗೆ ಇವು ಸಹಕಾರಿ.
